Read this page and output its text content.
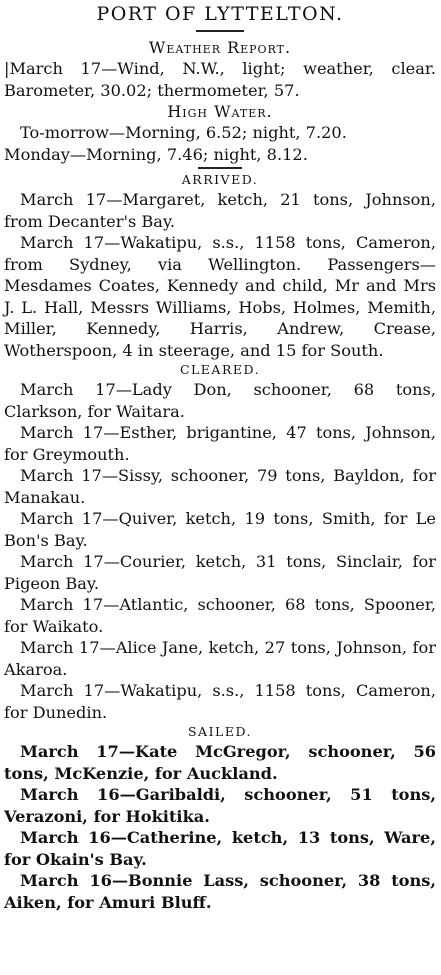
PORT OF LYTTELTON.
Weather Report.

|March 17—Wind, N.W., light; weather, clear. Barometer, 30.02; thermometer, 57.

High Water.

To-morrow—Morning, 6.52; night, 7.20.

Monday—Morning, 7.46; night, 8.12.

ARRIVED.

March 17—Margaret, ketch, 21 tons, Johnson, from Decanter's Bay.

March 17—Wakatipu, s.s., 1158 tons, Cameron, from Sydney, via Wellington. Passengers—Mesdames Coates, Kennedy and child, Mr and Mrs J. L. Hall, Messrs Williams, Hobs, Holmes, Memith, Miller, Kennedy, Harris, Andrew, Crease, Wotherspoon, 4 in steerage, and 15 for South.

CLEARED.

March 17—Lady Don, schooner, 68 tons, Clarkson, for Waitara.

March 17—Esther, brigantine, 47 tons, Johnson, for Greymouth.

March 17—Sissy, schooner, 79 tons, Bayldon, for Manakau.

March 17—Quiver, ketch, 19 tons, Smith, for Le Bon's Bay.

March 17—Courier, ketch, 31 tons, Sinclair, for Pigeon Bay.

March 17—Atlantic, schooner, 68 tons, Spooner, for Waikato.

March 17—Alice Jane, ketch, 27 tons, Johnson, for Akaroa.

March 17—Wakatipu, s.s., 1158 tons, Cameron, for Dunedin.

SAILED.

March 17—Kate McGregor, schooner, 56 tons, McKenzie, for Auckland.

March 16—Garibaldi, schooner, 51 tons, Verazoni, for Hokitika.

March 16—Catherine, ketch, 13 tons, Ware, for Okain's Bay.

March 16—Bonnie Lass, schooner, 38 tons, Aiken, for Amuri Bluff.
